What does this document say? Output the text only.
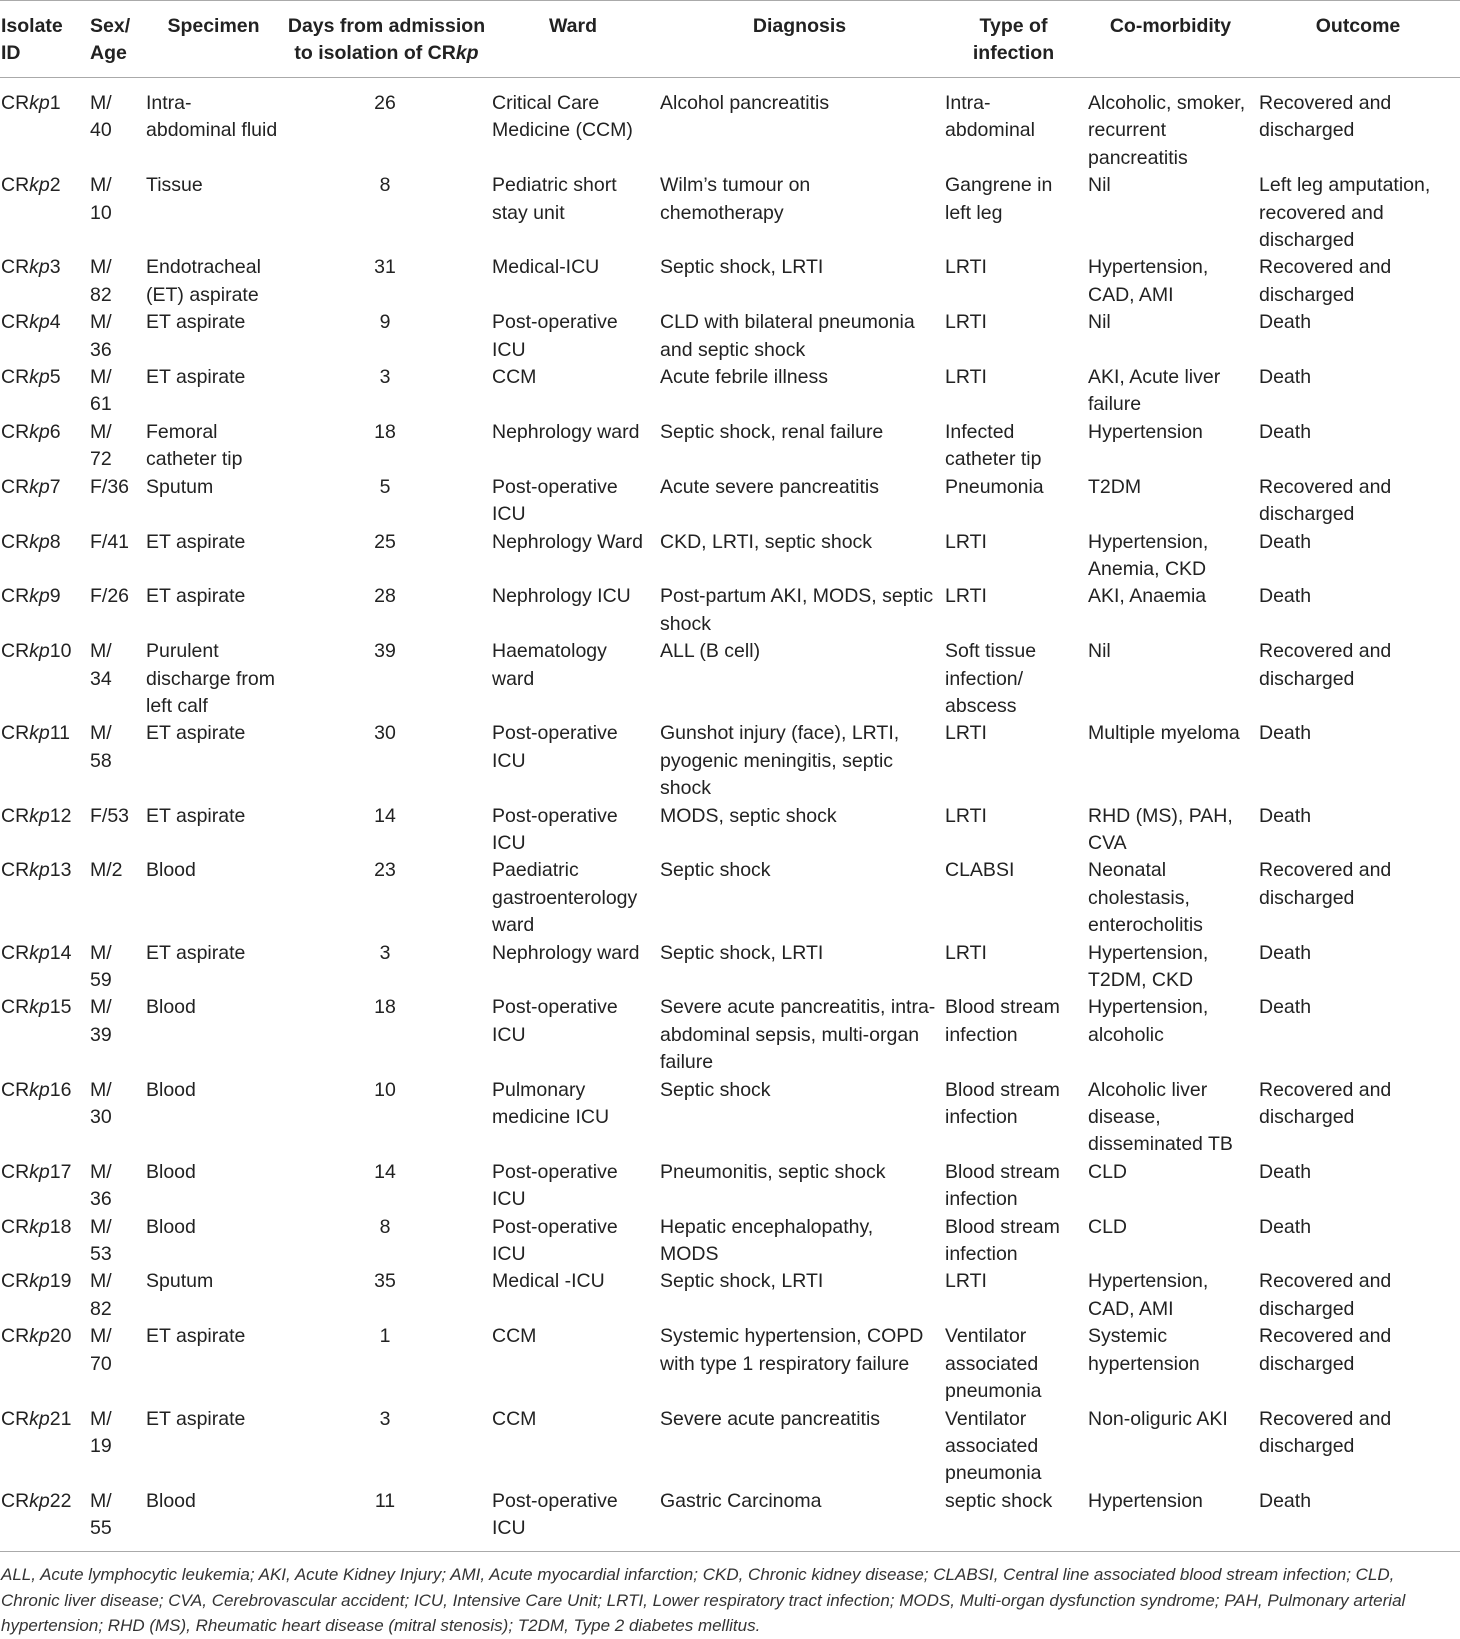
Isolate ID	Sex/ Age	Specimen	Days from admission to isolation of CRkp	Ward	Diagnosis	Type of infection	Co-morbidity	Outcome
CRkp1	M/ 40	Intra-abdominal fluid	26	Critical Care Medicine (CCM)	Alcohol pancreatitis	Intra-abdominal	Alcoholic, smoker, recurrent pancreatitis	Recovered and discharged
CRkp2	M/ 10	Tissue	8	Pediatric short stay unit	Wilm’s tumour on chemotherapy	Gangrene in left leg	Nil	Left leg amputation, recovered and discharged
CRkp3	M/ 82	Endotracheal (ET) aspirate	31	Medical-ICU	Septic shock, LRTI	LRTI	Hypertension, CAD, AMI	Recovered and discharged
CRkp4	M/ 36	ET aspirate	9	Post-operative ICU	CLD with bilateral pneumonia and septic shock	LRTI	Nil	Death
CRkp5	M/ 61	ET aspirate	3	CCM	Acute febrile illness	LRTI	AKI, Acute liver failure	Death
CRkp6	M/ 72	Femoral catheter tip	18	Nephrology ward	Septic shock, renal failure	Infected catheter tip	Hypertension	Death
CRkp7	F/36	Sputum	5	Post-operative ICU	Acute severe pancreatitis	Pneumonia	T2DM	Recovered and discharged
CRkp8	F/41	ET aspirate	25	Nephrology Ward	CKD, LRTI, septic shock	LRTI	Hypertension, Anemia, CKD	Death
CRkp9	F/26	ET aspirate	28	Nephrology ICU	Post-partum AKI, MODS, septic shock	LRTI	AKI, Anaemia	Death
CRkp10	M/ 34	Purulent discharge from left calf	39	Haematology ward	ALL (B cell)	Soft tissue infection/ abscess	Nil	Recovered and discharged
CRkp11	M/ 58	ET aspirate	30	Post-operative ICU	Gunshot injury (face), LRTI, pyogenic meningitis, septic shock	LRTI	Multiple myeloma	Death
CRkp12	F/53	ET aspirate	14	Post-operative ICU	MODS, septic shock	LRTI	RHD (MS), PAH, CVA	Death
CRkp13	M/2	Blood	23	Paediatric gastroenterology ward	Septic shock	CLABSI	Neonatal cholestasis, enterocholitis	Recovered and discharged
CRkp14	M/ 59	ET aspirate	3	Nephrology ward	Septic shock, LRTI	LRTI	Hypertension, T2DM, CKD	Death
CRkp15	M/ 39	Blood	18	Post-operative ICU	Severe acute pancreatitis, intra-abdominal sepsis, multi-organ failure	Blood stream infection	Hypertension, alcoholic	Death
CRkp16	M/ 30	Blood	10	Pulmonary medicine ICU	Septic shock	Blood stream infection	Alcoholic liver disease, disseminated TB	Recovered and discharged
CRkp17	M/ 36	Blood	14	Post-operative ICU	Pneumonitis, septic shock	Blood stream infection	CLD	Death
CRkp18	M/ 53	Blood	8	Post-operative ICU	Hepatic encephalopathy, MODS	Blood stream infection	CLD	Death
CRkp19	M/ 82	Sputum	35	Medical -ICU	Septic shock, LRTI	LRTI	Hypertension, CAD, AMI	Recovered and discharged
CRkp20	M/ 70	ET aspirate	1	CCM	Systemic hypertension, COPD with type 1 respiratory failure	Ventilator associated pneumonia	Systemic hypertension	Recovered and discharged
CRkp21	M/ 19	ET aspirate	3	CCM	Severe acute pancreatitis	Ventilator associated pneumonia	Non-oliguric AKI	Recovered and discharged
CRkp22	M/ 55	Blood	11	Post-operative ICU	Gastric Carcinoma	septic shock	Hypertension	Death
ALL, Acute lymphocytic leukemia; AKI, Acute Kidney Injury; AMI, Acute myocardial infarction; CKD, Chronic kidney disease; CLABSI, Central line associated blood stream infection; CLD, Chronic liver disease; CVA, Cerebrovascular accident; ICU, Intensive Care Unit; LRTI, Lower respiratory tract infection; MODS, Multi-organ dysfunction syndrome; PAH, Pulmonary arterial hypertension; RHD (MS), Rheumatic heart disease (mitral stenosis); T2DM, Type 2 diabetes mellitus.
